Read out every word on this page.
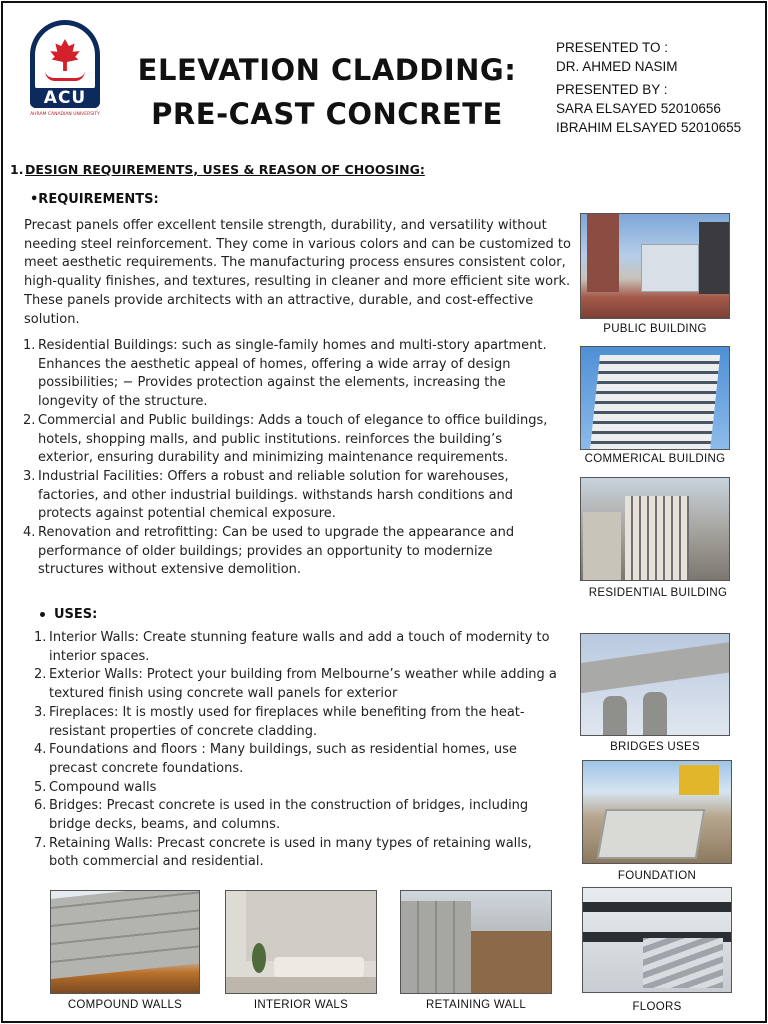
ACU
AHRAM CANADIAN UNIVERSITY
ELEVATION CLADDING:
PRE-CAST CONCRETE
PRESENTED TO :
DR. AHMED NASIM
PRESENTED BY :
SARA ELSAYED 52010656
IBRAHIM ELSAYED 52010655
1. DESIGN REQUIREMENTS, USES & REASON OF CHOOSING:
•REQUIREMENTS:

Precast panels offer excellent tensile strength, durability, and versatility without needing steel reinforcement. They come in various colors and can be customized to meet aesthetic requirements. The manufacturing process ensures consistent color, high-quality finishes, and textures, resulting in cleaner and more efficient site work. These panels provide architects with an attractive, durable, and cost-effective solution.

1. Residential Buildings: such as single-family homes and multi-story apartment. Enhances the aesthetic appeal of homes, offering a wide array of design possibilities; − Provides protection against the elements, increasing the longevity of the structure.
2. Commercial and Public buildings: Adds a touch of elegance to office buildings, hotels, shopping malls, and public institutions. reinforces the building’s exterior, ensuring durability and minimizing maintenance requirements.
3. Industrial Facilities: Offers a robust and reliable solution for warehouses, factories, and other industrial buildings. withstands harsh conditions and protects against potential chemical exposure.
4. Renovation and retrofitting: Can be used to upgrade the appearance and performance of older buildings; provides an opportunity to modernize structures without extensive demolition.
USES:
1. Interior Walls: Create stunning feature walls and add a touch of modernity to interior spaces.
2. Exterior Walls: Protect your building from Melbourne’s weather while adding a textured finish using concrete wall panels for exterior
3. Fireplaces: It is mostly used for fireplaces while benefiting from the heat-resistant properties of concrete cladding.
4. Foundations and floors : Many buildings, such as residential homes, use precast concrete foundations.
5. Compound walls
6. Bridges: Precast concrete is used in the construction of bridges, including bridge decks, beams, and columns.
7. Retaining Walls: Precast concrete is used in many types of retaining walls, both commercial and residential.
PUBLIC BUILDING
COMMERICAL BUILDING
RESIDENTIAL BUILDING
BRIDGES USES
FOUNDATION
FLOORS
COMPOUND WALLS	INTERIOR WALS	RETAINING WALL
